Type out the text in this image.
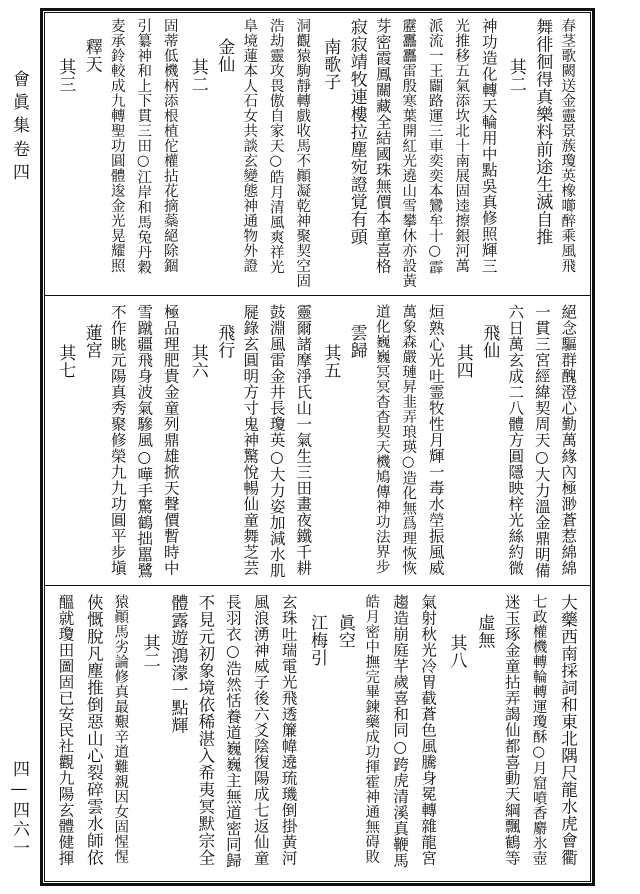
會眞集
卷四
四—四六一
春茎歌闕送金靈景蔟瓊英橡㘉醉乘風飛
舞徘徊得真樂料前途生滅自推
其二
神功造化轉天輪用中點吳真修照輝三
光推移五氣添坎北十南展固逵擦銀河萬
派流一王闢路運三車奕奕本鸞牟十○霹
靂靐靐雷殷寒葉開紅光遶山雪攀休亦設黃
芽密霞鳳關藏全結國珠無價本童喜格
寂寂靖牧連樓拉塵宛證覚有頭
南歌子
洞觀猿駒靜轉戲收馬不顚凝乾神聚契空固
浩劫靈攻畏傲自家天○皓月清風爽祥光
阜境蓮本人石女共談玄變態神通物外證
金仙
其二
固蒂低機柄添根植佗權拈花摘蘂絕除錮
引纂神和上下貫三田○江岸和馬兔丹穀
麦承鈴較成九轉聖功圓體逡金光晃耀照
釋天
其三
絕念驅群醜澄心勤萬緣內極渺蒼惹綿綿
一貫三宮經緯契周天○大力溫金鼎明備
六日萬玄成二八體方圓隱映梓光絲約微
飛仙
其四
烜熟心光吐霊牧性月輝一毒水塋振風威
萬象森嚴璉昇韭弄琅瑛○造化無爲理恢恢
道化巍巍冥冥杳杳契天機鳩傳神功法界步
雲歸
其五
靈爾諸摩淨氏山一氣生三田畫夜鐵千耕
鼓淵風雷金井長瓊英○大力姿加減水肌
屣錄玄圓明方寸鬼神驚悅暢仙童舞芝芸
飛行
其六
極品理肥貴金童列鼎雄掀天聲價暫時中
雪蹴疆飛身波氣驂風○嘩手驚鶴拙嚚鷺
不作眺元陽真秀聚修榮九九功圓平步塡
蓮宮
其七
大藥西南採詞和東北隅尺龍水虎會衢
七政權機轉輪轉運瓊酥○月窟噴香麝氷壺
迷玉琢金童拈弄謁仙都喜動天綱飄鶴等
虛無
其八
氣射秋光冷胃截蒼色風騰身冕轉雜龍宮
趨造崩庭芊歲喜和同○跨虎清溪真鞭馬
皓月密中撫完畢鍊藥成功揮霍神通無碍敗
眞空
江梅引
玄珠吐瑞電光飛透簾幃遶琉璣倒掛黃河
風浪湧神威子後六爻陰復陽成七返仙童
長羽衣○浩然恬養道巍巍主無道密同歸
不見元初象境依稀湛入希夷冥默宗全
體露遊鴻濛一點輝
其二
猿顚馬劣論修真最艱辛道難親因女固惺惺
俠慨脫凡塵推倒惡山心裂碎雲水師依
醞就瓊田圖固已安民社觀九陽玄體健揮
